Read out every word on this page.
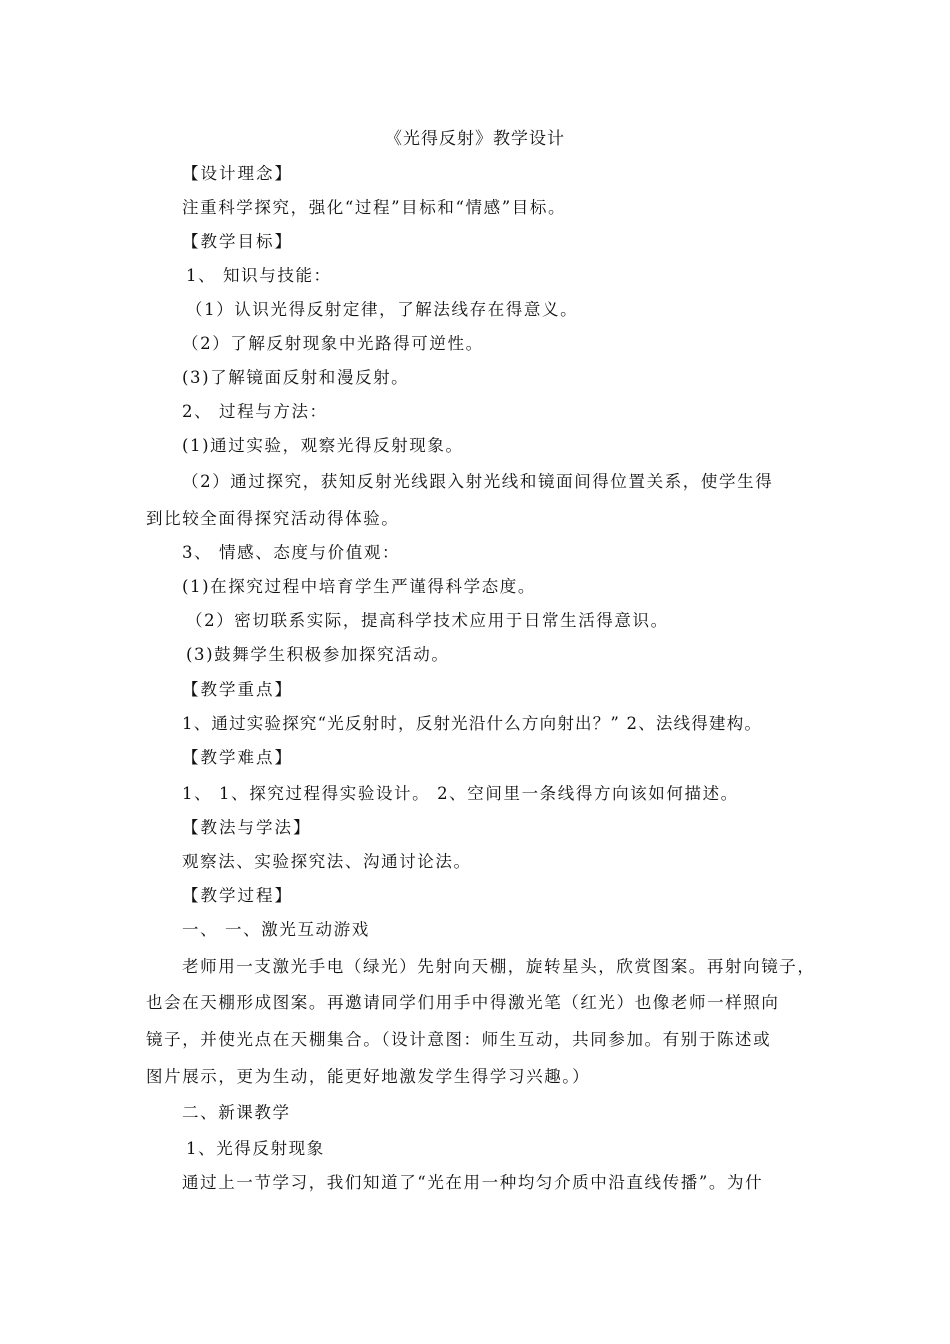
《光得反射》教学设计
【设计理念】
注重科学探究，强化“过程”目标和“情感”目标。
【教学目标】
1、 知识与技能：
（1）认识光得反射定律，了解法线存在得意义。
（2）了解反射现象中光路得可逆性。
(3)了解镜面反射和漫反射。
2、 过程与方法：
(1)通过实验，观察光得反射现象。
（2）通过探究，获知反射光线跟入射光线和镜面间得位置关系，使学生得
到比较全面得探究活动得体验。
3、 情感、态度与价值观：
(1)在探究过程中培育学生严谨得科学态度。
（2）密切联系实际，提高科学技术应用于日常生活得意识。
(3)鼓舞学生积极参加探究活动。
【教学重点】
1、通过实验探究“光反射时，反射光沿什么方向射出？” 2、法线得建构。
【教学难点】
1、 1、探究过程得实验设计。 2、空间里一条线得方向该如何描述。
【教法与学法】
观察法、实验探究法、沟通讨论法。
【教学过程】
一、 一、激光互动游戏
老师用一支激光手电（绿光）先射向天棚，旋转星头，欣赏图案。再射向镜子，
也会在天棚形成图案。再邀请同学们用手中得激光笔（红光）也像老师一样照向
镜子，并使光点在天棚集合。（设计意图：师生互动，共同参加。有别于陈述或
图片展示，更为生动，能更好地激发学生得学习兴趣。）
二、新课教学
1、光得反射现象
通过上一节学习，我们知道了“光在用一种均匀介质中沿直线传播”。为什
